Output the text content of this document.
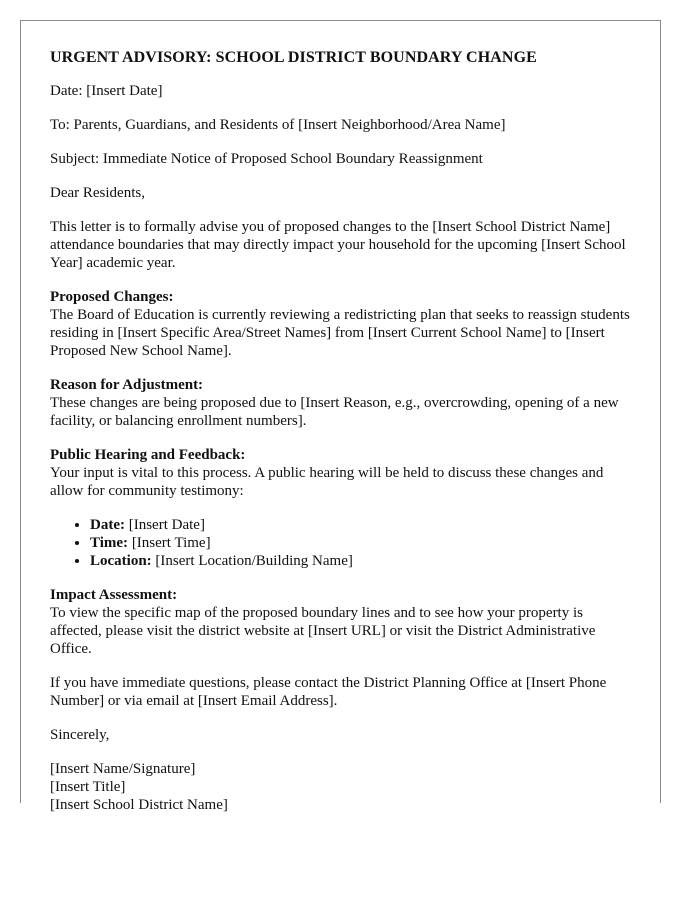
URGENT ADVISORY: SCHOOL DISTRICT BOUNDARY CHANGE

Date: [Insert Date]

To: Parents, Guardians, and Residents of [Insert Neighborhood/Area Name]

Subject: Immediate Notice of Proposed School Boundary Reassignment

Dear Residents,

This letter is to formally advise you of proposed changes to the [Insert School District Name] attendance boundaries that may directly impact your household for the upcoming [Insert School Year] academic year.

Proposed Changes:
The Board of Education is currently reviewing a redistricting plan that seeks to reassign students residing in [Insert Specific Area/Street Names] from [Insert Current School Name] to [Insert Proposed New School Name].
Reason for Adjustment:
These changes are being proposed due to [Insert Reason, e.g., overcrowding, opening of a new facility, or balancing enrollment numbers].
Public Hearing and Feedback:
Your input is vital to this process. A public hearing will be held to discuss these changes and allow for community testimony:
• Date: [Insert Date]
• Time: [Insert Time]
• Location: [Insert Location/Building Name]
Impact Assessment:
To view the specific map of the proposed boundary lines and to see how your property is affected, please visit the district website at [Insert URL] or visit the District Administrative Office.

If you have immediate questions, please contact the District Planning Office at [Insert Phone Number] or via email at [Insert Email Address].

Sincerely,

[Insert Name/Signature]
[Insert Title]
[Insert School District Name]
